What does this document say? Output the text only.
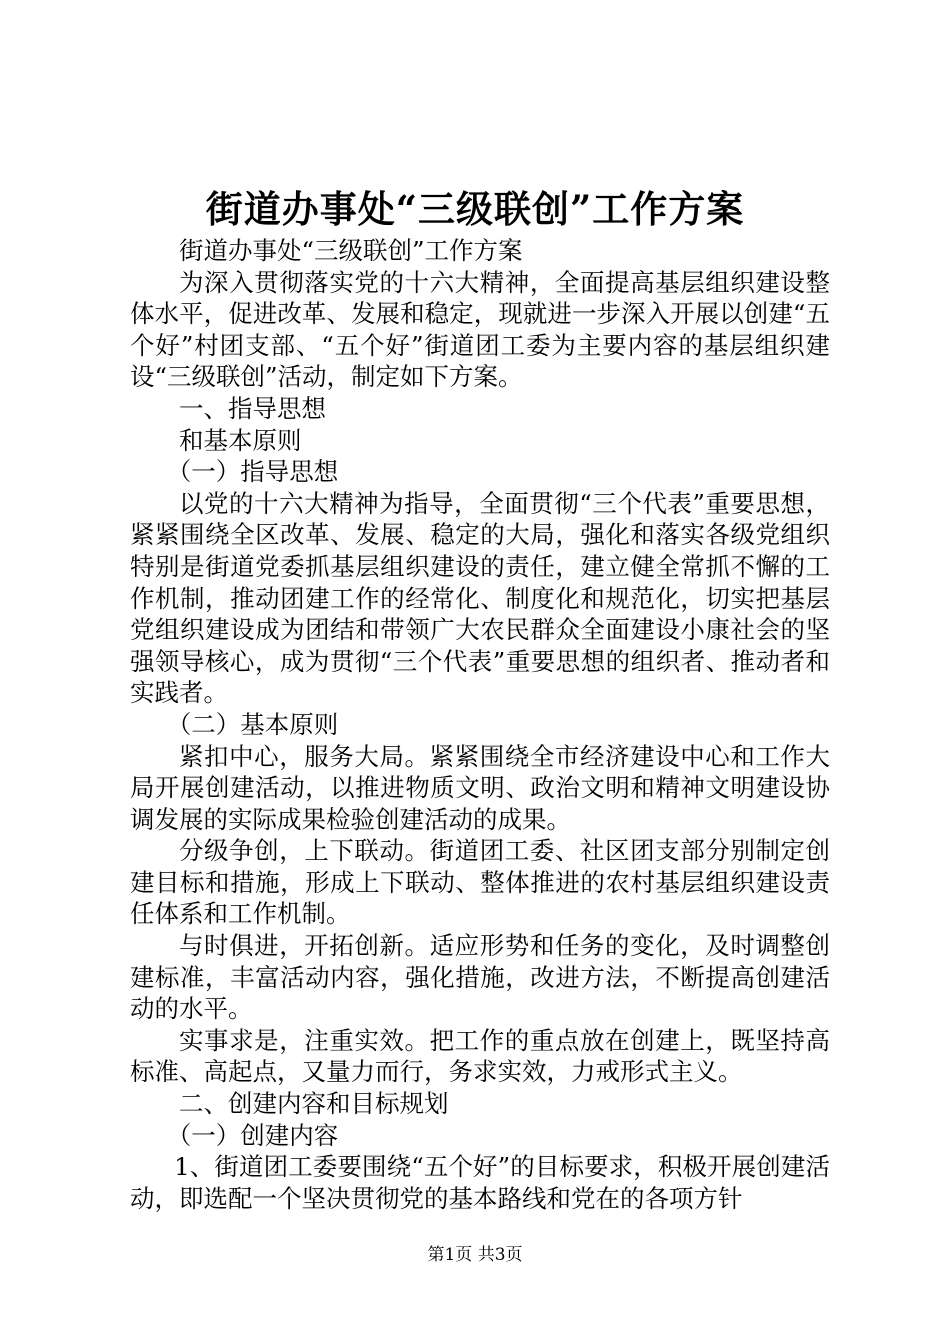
街道办事处“三级联创”工作方案

街道办事处“三级联创”工作方案

为深入贯彻落实党的十六大精神，全面提高基层组织建设整体水平，促进改革、发展和稳定，现就进一步深入开展以创建“五个好”村团支部、“五个好”街道团工委为主要内容的基层组织建设“三级联创”活动，制定如下方案。

一、指导思想

和基本原则

（一）指导思想

以党的十六大精神为指导，全面贯彻“三个代表”重要思想，紧紧围绕全区改革、发展、稳定的大局，强化和落实各级党组织特别是街道党委抓基层组织建设的责任，建立健全常抓不懈的工作机制，推动团建工作的经常化、制度化和规范化，切实把基层党组织建设成为团结和带领广大农民群众全面建设小康社会的坚强领导核心，成为贯彻“三个代表”重要思想的组织者、推动者和实践者。

（二）基本原则

紧扣中心，服务大局。紧紧围绕全市经济建设中心和工作大局开展创建活动，以推进物质文明、政治文明和精神文明建设协调发展的实际成果检验创建活动的成果。

分级争创，上下联动。街道团工委、社区团支部分别制定创建目标和措施，形成上下联动、整体推进的农村基层组织建设责任体系和工作机制。

与时俱进，开拓创新。适应形势和任务的变化，及时调整创建标准，丰富活动内容，强化措施，改进方法，不断提高创建活动的水平。

实事求是，注重实效。把工作的重点放在创建上，既坚持高标准、高起点，又量力而行，务求实效，力戒形式主义。

二、创建内容和目标规划

（一）创建内容

1、街道团工委要围绕“五个好”的目标要求，积极开展创建活动，即选配一个坚决贯彻党的基本路线和党在的各项方针

第1页 共3页
